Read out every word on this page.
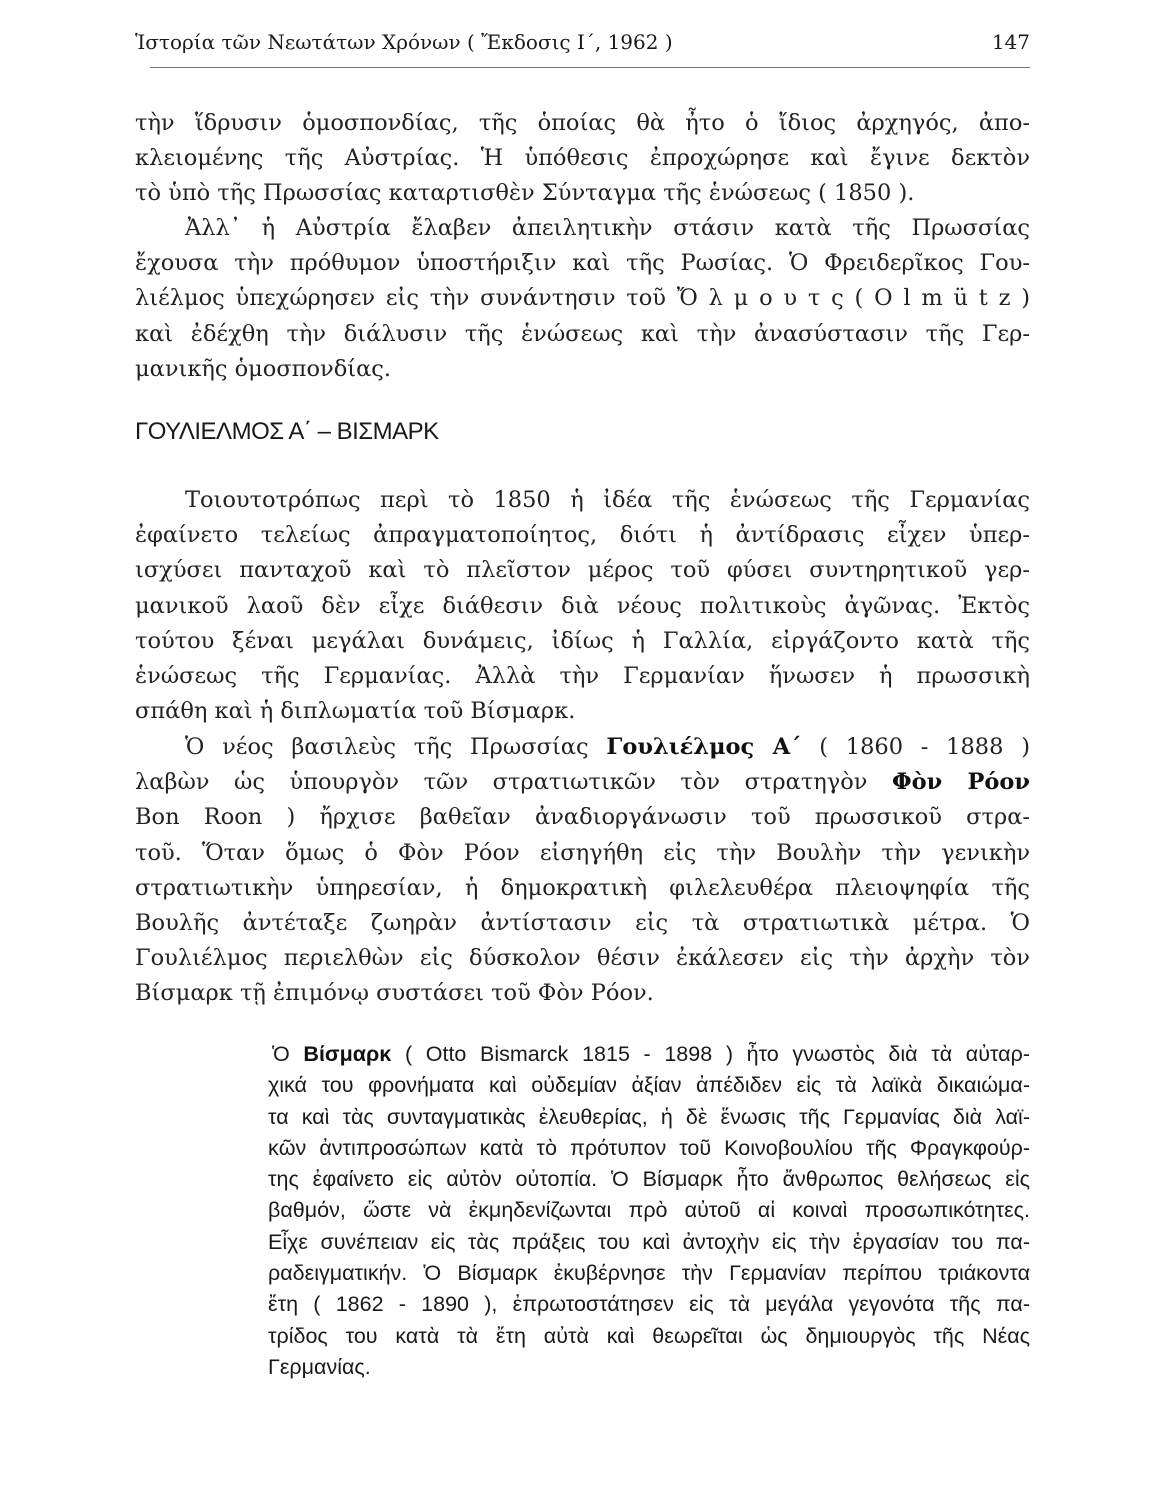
Ἱστορία τῶν Νεωτάτων Χρόνων ( Ἔκδοσις Ι΄, 1962 )	147
τὴν ἵδρυσιν ὁμοσπονδίας, τῆς ὁποίας θὰ ἦτο ὁ ἴδιος ἀρχηγός, ἀπο-
κλειομένης τῆς Αὐστρίας. Ἡ ὑπόθεσις ἐπροχώρησε καὶ ἔγινε δεκτὸν
τὸ ὑπὸ τῆς Πρωσσίας καταρτισθὲν Σύνταγμα τῆς ἑνώσεως ( 1850 ).
Ἀλλ᾽ ἡ Αὐστρία ἔλαβεν ἀπειλητικὴν στάσιν κατὰ τῆς Πρωσσίας
ἔχουσα τὴν πρόθυμον ὑποστήριξιν καὶ τῆς Ρωσίας. Ὁ Φρειδερῖκος Γου-
λιέλμος ὑπεχώρησεν εἰς τὴν συνάντησιν τοῦ Ὄ λ μ ο υ τ ς ( O l m ü t z )
καὶ ἐδέχθη τὴν διάλυσιν τῆς ἑνώσεως καὶ τὴν ἀνασύστασιν τῆς Γερ-
μανικῆς ὁμοσπονδίας.
ΓΟΥΛΙΕΛΜΟΣ Α΄ – ΒΙΣΜΑΡΚ
Τοιουτοτρόπως περὶ τὸ 1850 ἡ ἰδέα τῆς ἑνώσεως τῆς Γερμανίας
ἐφαίνετο τελείως ἀπραγματοποίητος, διότι ἡ ἀντίδρασις εἶχεν ὑπερ-
ισχύσει πανταχοῦ καὶ τὸ πλεῖστον μέρος τοῦ φύσει συντηρητικοῦ γερ-
μανικοῦ λαοῦ δὲν εἶχε διάθεσιν διὰ νέους πολιτικοὺς ἀγῶνας. Ἐκτὸς
τούτου ξέναι μεγάλαι δυνάμεις, ἰδίως ἡ Γαλλία, εἰργάζοντο κατὰ τῆς
ἑνώσεως τῆς Γερμανίας. Ἀλλὰ τὴν Γερμανίαν ἥνωσεν ἡ πρωσσικὴ
σπάθη καὶ ἡ διπλωματία τοῦ Βίσμαρκ.
Ὁ νέος βασιλεὺς τῆς Πρωσσίας Γουλιέλμος Α΄ ( 1860 - 1888 )
λαβὼν ὡς ὑπουργὸν τῶν στρατιωτικῶν τὸν στρατηγὸν Φὸν Ρόον
Bon Roon ) ἤρχισε βαθεῖαν ἀναδιοργάνωσιν τοῦ πρωσσικοῦ στρα-
τοῦ. Ὅταν ὅμως ὁ Φὸν Ρόον εἰσηγήθη εἰς τὴν Βουλὴν τὴν γενικὴν
στρατιωτικὴν ὑπηρεσίαν, ἡ δημοκρατικὴ φιλελευθέρα πλειοψηφία τῆς
Βουλῆς ἀντέταξε ζωηρὰν ἀντίστασιν εἰς τὰ στρατιωτικὰ μέτρα. Ὁ
Γουλιέλμος περιελθὼν εἰς δύσκολον θέσιν ἐκάλεσεν εἰς τὴν ἀρχὴν τὸν
Βίσμαρκ τῇ ἐπιμόνῳ συστάσει τοῦ Φὸν Ρόον.
Ὁ Βίσμαρκ ( Otto Bismarck 1815 - 1898 ) ἦτο γνωστὸς διὰ τὰ αὐταρ-
χικά του φρονήματα καὶ οὐδεμίαν ἀξίαν ἀπέδιδεν εἰς τὰ λαϊκὰ δικαιώμα-
τα καὶ τὰς συνταγματικὰς ἐλευθερίας, ἡ δὲ ἕνωσις τῆς Γερμανίας διὰ λαϊ-
κῶν ἀντιπροσώπων κατὰ τὸ πρότυπον τοῦ Κοινοβουλίου τῆς Φραγκφούρ-
της ἐφαίνετο εἰς αὐτὸν οὐτοπία. Ὁ Βίσμαρκ ἦτο ἄνθρωπος θελήσεως εἰς
βαθμόν, ὥστε νὰ ἐκμηδενίζωνται πρὸ αὐτοῦ αἱ κοιναὶ προσωπικότητες.
Εἶχε συνέπειαν εἰς τὰς πράξεις του καὶ ἀντοχὴν εἰς τὴν ἐργασίαν του πα-
ραδειγματικήν. Ὁ Βίσμαρκ ἐκυβέρνησε τὴν Γερμανίαν περίπου τριάκοντα
ἔτη ( 1862 - 1890 ), ἐπρωτοστάτησεν εἰς τὰ μεγάλα γεγονότα τῆς πα-
τρίδος του κατὰ τὰ ἔτη αὐτὰ καὶ θεωρεῖται ὡς δημιουργὸς τῆς Νέας
Γερμανίας.
